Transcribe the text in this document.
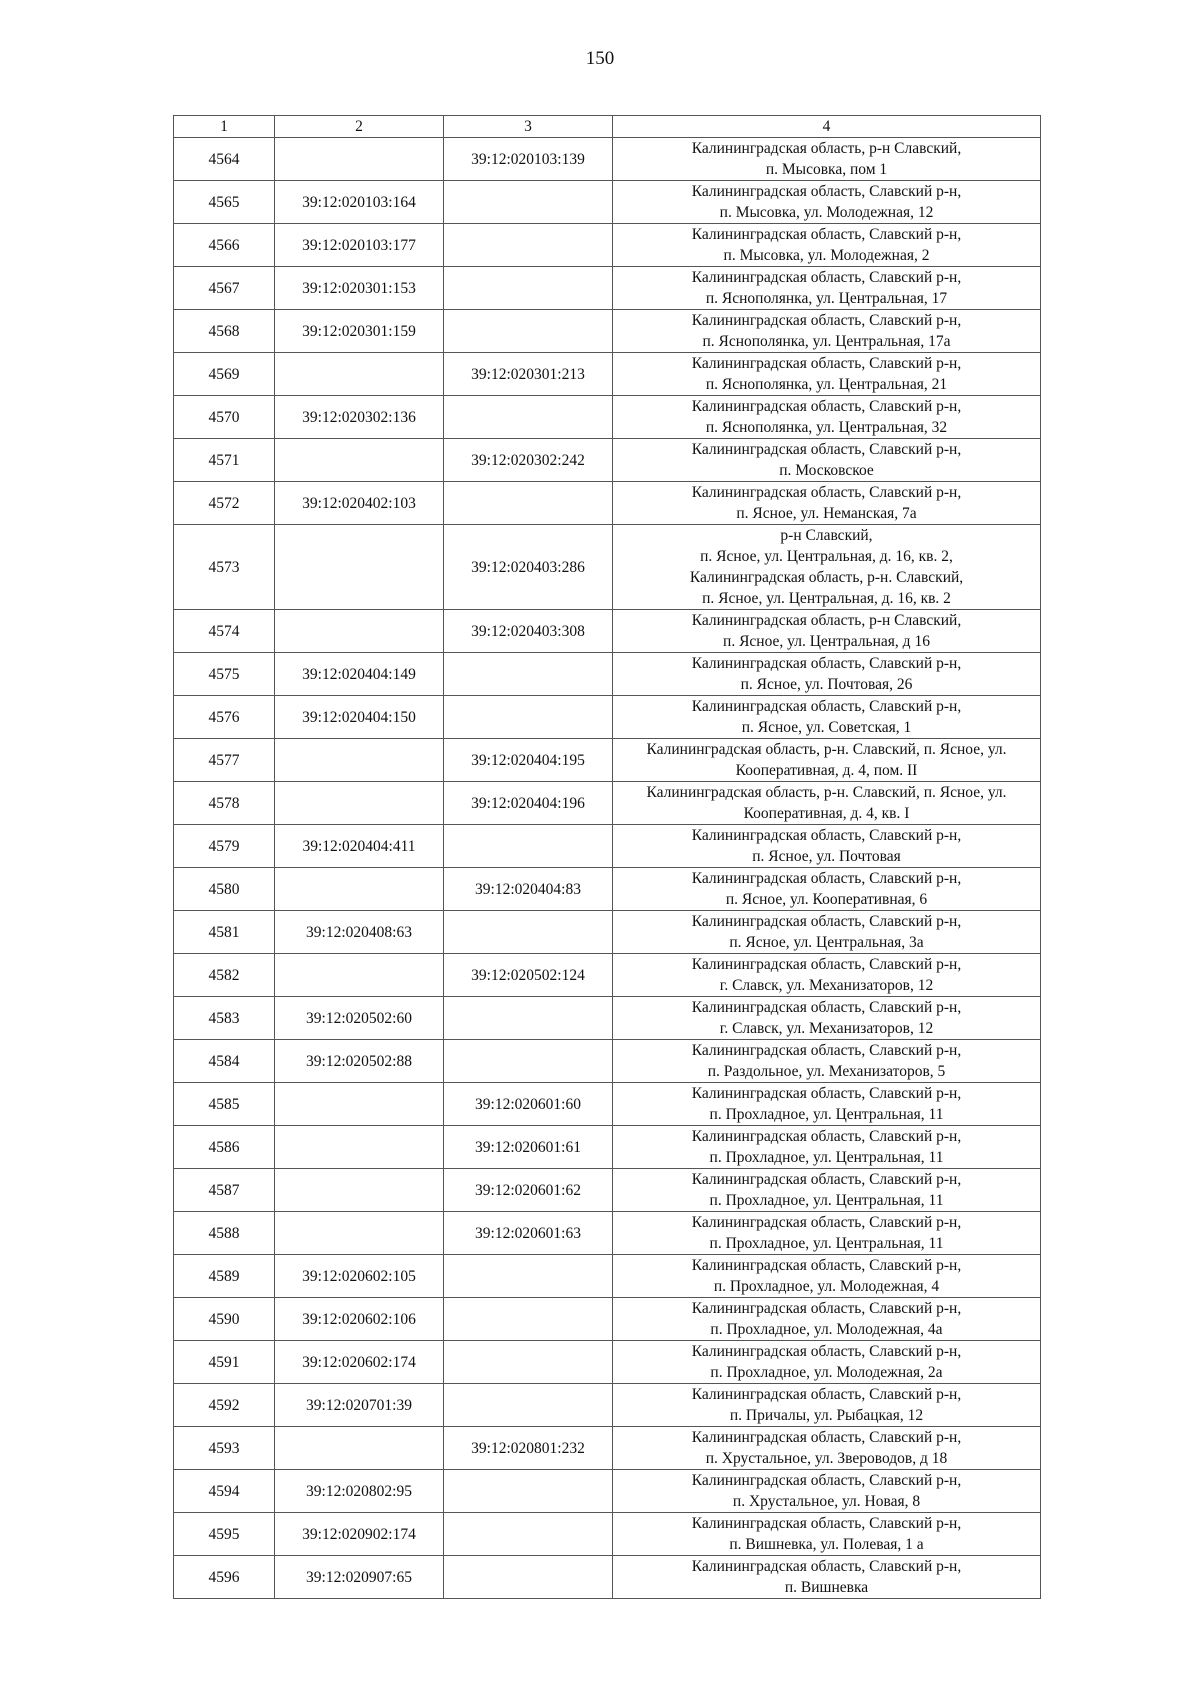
150
1	2	3	4
4564		39:12:020103:139	Калининградская область, р-н Славский,
п. Мысовка, пом 1

4565	39:12:020103:164		Калининградская область, Славский р-н,
п. Мысовка, ул. Молодежная, 12

4566	39:12:020103:177		Калининградская область, Славский р-н,
п. Мысовка, ул. Молодежная, 2

4567	39:12:020301:153		Калининградская область, Славский р-н,
п. Яснополянка, ул. Центральная, 17

4568	39:12:020301:159		Калининградская область, Славский р-н,
п. Яснополянка, ул. Центральная, 17а

4569		39:12:020301:213	Калининградская область, Славский р-н,
п. Яснополянка, ул. Центральная, 21

4570	39:12:020302:136		Калининградская область, Славский р-н,
п. Яснополянка, ул. Центральная, 32

4571		39:12:020302:242	Калининградская область, Славский р-н,
п. Московское

4572	39:12:020402:103		Калининградская область, Славский р-н,
п. Ясное, ул. Неманская, 7а

4573		39:12:020403:286	р-н Славский,
п. Ясное, ул. Центральная, д. 16, кв. 2,
Калининградская область, р-н. Славский,
п. Ясное, ул. Центральная, д. 16, кв. 2

4574		39:12:020403:308	Калининградская область, р-н Славский,
п. Ясное, ул. Центральная, д 16

4575	39:12:020404:149		Калининградская область, Славский р-н,
п. Ясное, ул. Почтовая, 26

4576	39:12:020404:150		Калининградская область, Славский р-н,
п. Ясное, ул. Советская, 1

4577		39:12:020404:195	Калининградская область, р-н. Славский, п. Ясное, ул.
Кооперативная, д. 4, пом. II

4578		39:12:020404:196	Калининградская область, р-н. Славский, п. Ясное, ул.
Кооперативная, д. 4, кв. I

4579	39:12:020404:411		Калининградская область, Славский р-н,
п. Ясное, ул. Почтовая

4580		39:12:020404:83	Калининградская область, Славский р-н,
п. Ясное, ул. Кооперативная, 6

4581	39:12:020408:63		Калининградская область, Славский р-н,
п. Ясное, ул. Центральная, 3а

4582		39:12:020502:124	Калининградская область, Славский р-н,
г. Славск, ул. Механизаторов, 12

4583	39:12:020502:60		Калининградская область, Славский р-н,
г. Славск, ул. Механизаторов, 12

4584	39:12:020502:88		Калининградская область, Славский р-н,
п. Раздольное, ул. Механизаторов, 5

4585		39:12:020601:60	Калининградская область, Славский р-н,
п. Прохладное, ул. Центральная, 11

4586		39:12:020601:61	Калининградская область, Славский р-н,
п. Прохладное, ул. Центральная, 11

4587		39:12:020601:62	Калининградская область, Славский р-н,
п. Прохладное, ул. Центральная, 11

4588		39:12:020601:63	Калининградская область, Славский р-н,
п. Прохладное, ул. Центральная, 11

4589	39:12:020602:105		Калининградская область, Славский р-н,
п. Прохладное, ул. Молодежная, 4

4590	39:12:020602:106		Калининградская область, Славский р-н,
п. Прохладное, ул. Молодежная, 4а

4591	39:12:020602:174		Калининградская область, Славский р-н,
п. Прохладное, ул. Молодежная, 2а

4592	39:12:020701:39		Калининградская область, Славский р-н,
п. Причалы, ул. Рыбацкая, 12

4593		39:12:020801:232	Калининградская область, Славский р-н,
п. Хрустальное, ул. Звероводов, д 18

4594	39:12:020802:95		Калининградская область, Славский р-н,
п. Хрустальное, ул. Новая, 8

4595	39:12:020902:174		Калининградская область, Славский р-н,
п. Вишневка, ул. Полевая, 1 а

4596	39:12:020907:65		Калининградская область, Славский р-н,
п. Вишневка
